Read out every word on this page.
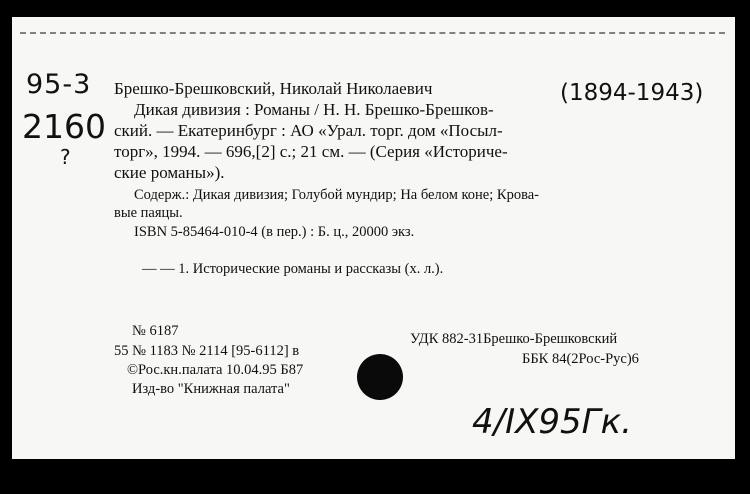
95-3
2160
(1894-1943)
?
4/IX95Гк.
Брешко-Брешковский, Николай Николаевич
Дикая дивизия : Романы / Н. Н. Брешко-Брешков-
ский. — Екатеринбург : АО «Урал. торг. дом «Посыл-
торг», 1994. — 696,[2] с.; 21 см. — (Серия «Историче-
ские романы»).
Содерж.: Дикая дивизия; Голубой мундир; На белом коне; Крова-
вые паяцы.
ISBN 5-85464-010-4 (в пер.) : Б. ц., 20000 экз.
— — 1. Исторические романы и рассказы (х. л.).
№ 6187
55 № 1183 № 2114 [95-6112] в
©Рос.кн.палата 10.04.95 Б87
Изд-во "Книжная палата"
УДК 882-31Брешко-Брешковский
ББК 84(2Рос-Рус)6
